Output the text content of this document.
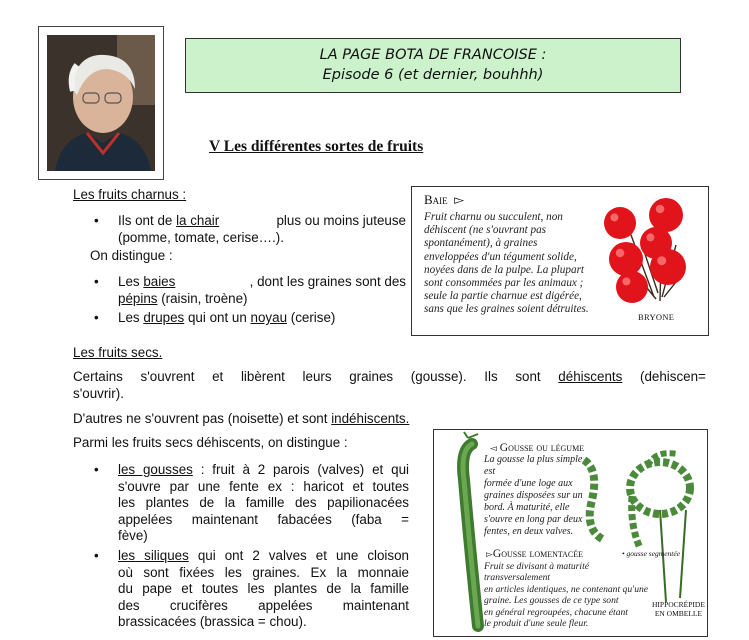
LA PAGE BOTA DE FRANCOISE :
Episode 6 (et dernier, bouhhh)
V Les différentes sortes de fruits
Les fruits charnus :
• Ils ont de la chair	plus ou moins juteuse
(pomme, tomate, cerise….).
On distingue :
• Les baies	, dont les graines sont des
pépins (raisin, troène)
• Les drupes qui ont un noyau (cerise)
Baie ▻
Fruit charnu ou succulent, non
déhiscent (ne s'ouvrant pas
spontanément), à graines
enveloppées d'un tégument solide,
noyées dans de la pulpe. La plupart
sont consommées par les animaux ;
seule la partie charnue est digérée,
sans que les graines soient détruites.
BRYONE
Les fruits secs.
Certains s'ouvrent et libèrent leurs graines (gousse). Ils sont déhiscents (dehiscen=
s'ouvrir).
D'autres ne s'ouvrent pas (noisette) et sont indéhiscents.
Parmi les fruits secs déhiscents, on distingue :
• les gousses : fruit à 2 parois (valves) et qui
s'ouvre par une fente ex : haricot et toutes
les plantes de la famille des papilionacées
appelées maintenant fabacées (faba =
fève)
• les siliques qui ont 2 valves et une cloison
où sont fixées les graines. Ex la monnaie
du pape et toutes les plantes de la famille
des crucifères appelées maintenant
brassicacées (brassica = chou).
◅ Gousse ou légume
La gousse la plus simple est
formée d'une loge aux
graines disposées sur un
bord. À maturité, elle
s'ouvre en long par deux
fentes, en deux valves.
▻Gousse lomentacée	• gousse segmentée
Fruit se divisant à maturité transversalement
en articles identiques, ne contenant qu'une
graine. Les gousses de ce type sont
en général regroupées, chacune étant
le produit d'une seule fleur.
HIPPOCRÉPIDE
EN OMBELLE
